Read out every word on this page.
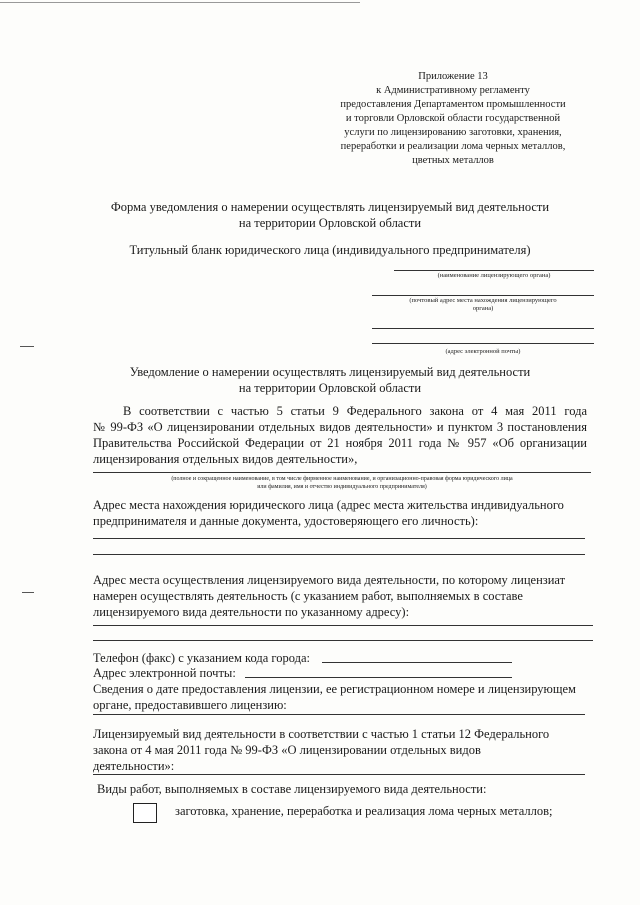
Приложение 13
к Административному регламенту
предоставления Департаментом промышленности
и торговли Орловской области государственной
услуги по лицензированию заготовки, хранения,
переработки и реализации лома черных металлов,
цветных металлов
Форма уведомления о намерении осуществлять лицензируемый вид деятельности
на территории Орловской области
Титульный бланк юридического лица (индивидуального предпринимателя)
(наименование лицензирующего органа)
(почтовый адрес места нахождения лицензирующего
органа)
(адрес электронной почты)
Уведомление о намерении осуществлять лицензируемый вид деятельности
на территории Орловской области
В соответствии с частью 5 статьи 9 Федерального закона от 4 мая 2011 года
№ 99-ФЗ «О лицензировании отдельных видов деятельности» и пунктом 3 постановления
Правительства Российской Федерации от 21 ноября 2011 года № 957 «Об организации
лицензирования отдельных видов деятельности»,
(полное и сокращенное наименование, в том числе фирменное наименование, и организационно-правовая форма юридического лица
или фамилия, имя и отчество индивидуального предпринимателя)
Адрес места нахождения юридического лица (адрес места жительства индивидуального
предпринимателя и данные документа, удостоверяющего его личность):
Адрес места осуществления лицензируемого вида деятельности, по которому лицензиат
намерен осуществлять деятельность (с указанием работ, выполняемых в составе
лицензируемого вида деятельности по указанному адресу):
Телефон (факс) с указанием кода города:
Адрес электронной почты:
Сведения о дате предоставления лицензии, ее регистрационном номере и лицензирующем
органе, предоставившего лицензию:
Лицензируемый вид деятельности в соответствии с частью 1 статьи 12 Федерального
закона от 4 мая 2011 года № 99-ФЗ «О лицензировании отдельных видов
деятельности»:
Виды работ, выполняемых в составе лицензируемого вида деятельности:
заготовка, хранение, переработка и реализация лома черных металлов;
